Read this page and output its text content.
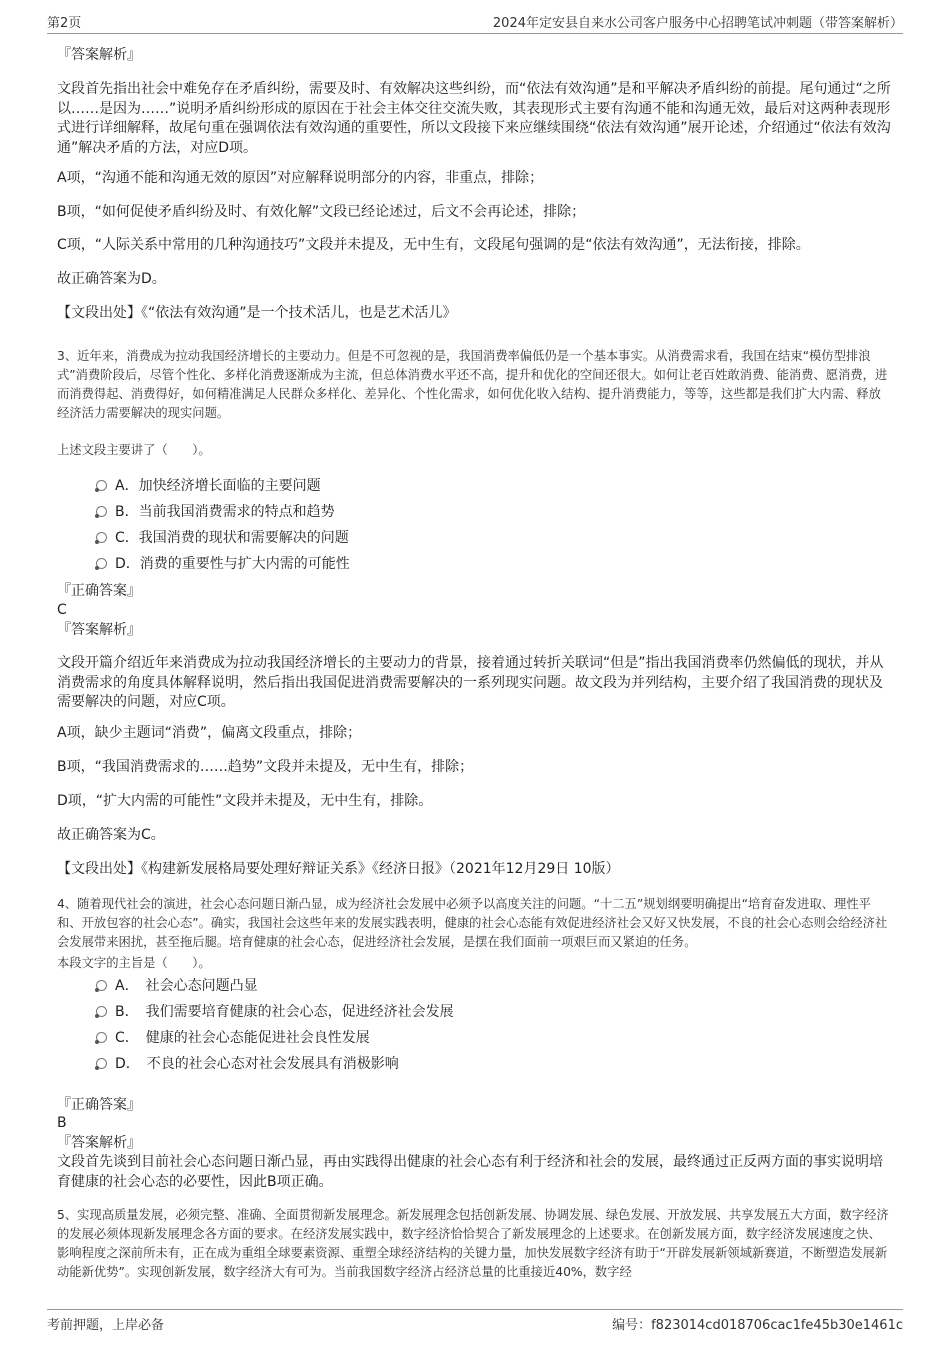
第2页	2024年定安县自来水公司客户服务中心招聘笔试冲刺题（带答案解析）
『答案解析』

文段首先指出社会中难免存在矛盾纠纷，需要及时、有效解决这些纠纷，而“依法有效沟通”是和平解决矛盾纠纷的前提。尾句通过“之所以……是因为……”说明矛盾纠纷形成的原因在于社会主体交往交流失败，其表现形式主要有沟通不能和沟通无效，最后对这两种表现形式进行详细解释，故尾句重在强调依法有效沟通的重要性，所以文段接下来应继续围绕“依法有效沟通”展开论述，介绍通过“依法有效沟通”解决矛盾的方法，对应D项。

A项，“沟通不能和沟通无效的原因”对应解释说明部分的内容，非重点，排除；

B项，“如何促使矛盾纠纷及时、有效化解”文段已经论述过，后文不会再论述，排除；

C项，“人际关系中常用的几种沟通技巧”文段并未提及，无中生有，文段尾句强调的是“依法有效沟通”，无法衔接，排除。

故正确答案为D。

【文段出处】《“依法有效沟通”是一个技术活儿，也是艺术活儿》

3、近年来，消费成为拉动我国经济增长的主要动力。但是不可忽视的是，我国消费率偏低仍是一个基本事实。从消费需求看，我国在结束“模仿型排浪式”消费阶段后，尽管个性化、多样化消费逐渐成为主流，但总体消费水平还不高，提升和优化的空间还很大。如何让老百姓敢消费、能消费、愿消费，进而消费得起、消费得好，如何精准满足人民群众多样化、差异化、个性化需求，如何优化收入结构、提升消费能力，等等，这些都是我们扩大内需、释放经济活力需要解决的现实问题。

上述文段主要讲了（　　）。

A．加快经济增长面临的主要问题
B．当前我国消费需求的特点和趋势
C．我国消费的现状和需要解决的问题
D．消费的重要性与扩大内需的可能性
『正确答案』
C
『答案解析』

文段开篇介绍近年来消费成为拉动我国经济增长的主要动力的背景，接着通过转折关联词“但是”指出我国消费率仍然偏低的现状，并从消费需求的角度具体解释说明，然后指出我国促进消费需要解决的一系列现实问题。故文段为并列结构，主要介绍了我国消费的现状及需要解决的问题，对应C项。

A项，缺少主题词“消费”，偏离文段重点，排除；

B项，“我国消费需求的……趋势”文段并未提及，无中生有，排除；

D项，“扩大内需的可能性”文段并未提及，无中生有，排除。

故正确答案为C。

【文段出处】《构建新发展格局要处理好辩证关系》《经济日报》（2021年12月29日 10版）

4、随着现代社会的演进，社会心态问题日渐凸显，成为经济社会发展中必须予以高度关注的问题。“十二五”规划纲要明确提出“培育奋发进取、理性平和、开放包容的社会心态”。确实，我国社会这些年来的发展实践表明，健康的社会心态能有效促进经济社会又好又快发展，不良的社会心态则会给经济社会发展带来困扰，甚至拖后腿。培育健康的社会心态，促进经济社会发展，是摆在我们面前一项艰巨而又紧迫的任务。

本段文字的主旨是（　　）。

A．　社会心态问题凸显
B．　我们需要培育健康的社会心态，促进经济社会发展
C．　健康的社会心态能促进社会良性发展
D．　不良的社会心态对社会发展具有消极影响
『正确答案』
B
『答案解析』

文段首先谈到目前社会心态问题日渐凸显，再由实践得出健康的社会心态有利于经济和社会的发展，最终通过正反两方面的事实说明培育健康的社会心态的必要性，因此B项正确。

5、实现高质量发展，必须完整、准确、全面贯彻新发展理念。新发展理念包括创新发展、协调发展、绿色发展、开放发展、共享发展五大方面，数字经济的发展必须体现新发展理念各方面的要求。在经济发展实践中，数字经济恰恰契合了新发展理念的上述要求。在创新发展方面，数字经济发展速度之快、影响程度之深前所未有，正在成为重组全球要素资源、重塑全球经济结构的关键力量，加快发展数字经济有助于“开辟发展新领域新赛道，不断塑造发展新动能新优势”。实现创新发展，数字经济大有可为。当前我国数字经济占经济总量的比重接近40%，数字经

考前押题，上岸必备	编号：f823014cd018706cac1fe45b30e1461c
